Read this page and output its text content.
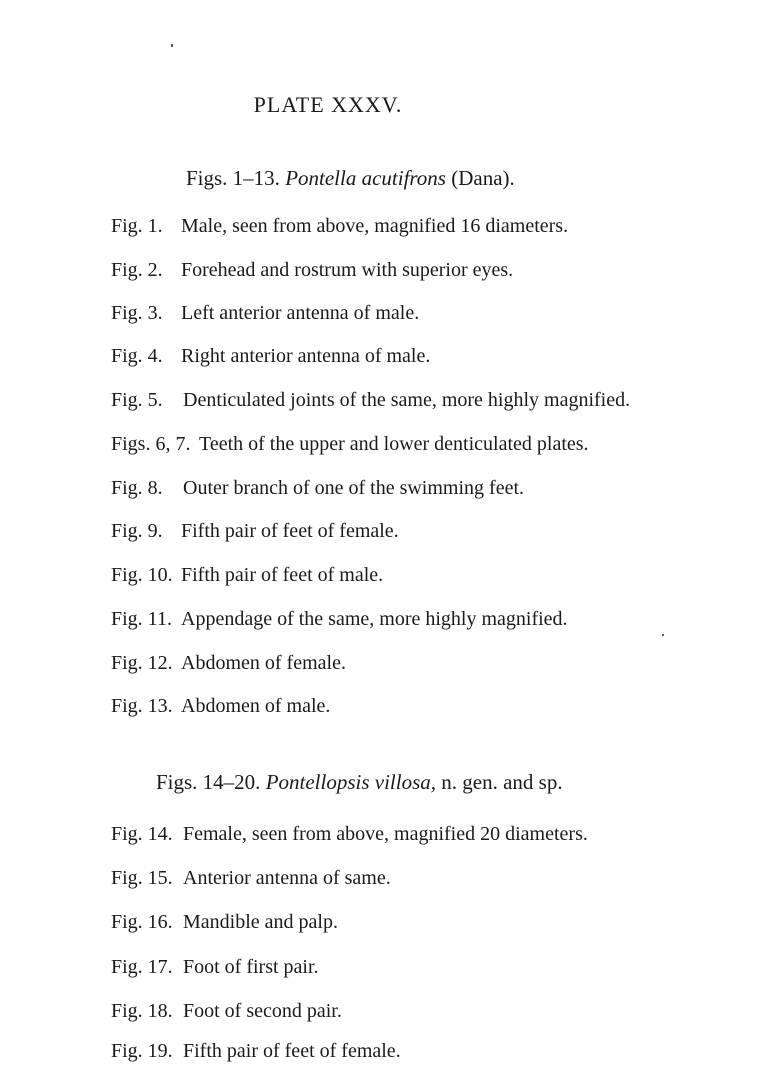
PLATE XXXV.
Figs. 1–13. Pontella acutifrons (Dana).
Fig. 1. Male, seen from above, magnified 16 diameters.
Fig. 2. Forehead and rostrum with superior eyes.
Fig. 3. Left anterior antenna of male.
Fig. 4. Right anterior antenna of male.
Fig. 5. Denticulated joints of the same, more highly magnified.
Figs. 6, 7. Teeth of the upper and lower denticulated plates.
Fig. 8. Outer branch of one of the swimming feet.
Fig. 9. Fifth pair of feet of female.
Fig. 10. Fifth pair of feet of male.
Fig. 11. Appendage of the same, more highly magnified.
Fig. 12. Abdomen of female.
Fig. 13. Abdomen of male.
Figs. 14–20. Pontellopsis villosa, n. gen. and sp.
Fig. 14. Female, seen from above, magnified 20 diameters.
Fig. 15. Anterior antenna of same.
Fig. 16. Mandible and palp.
Fig. 17. Foot of first pair.
Fig. 18. Foot of second pair.
Fig. 19. Fifth pair of feet of female.
